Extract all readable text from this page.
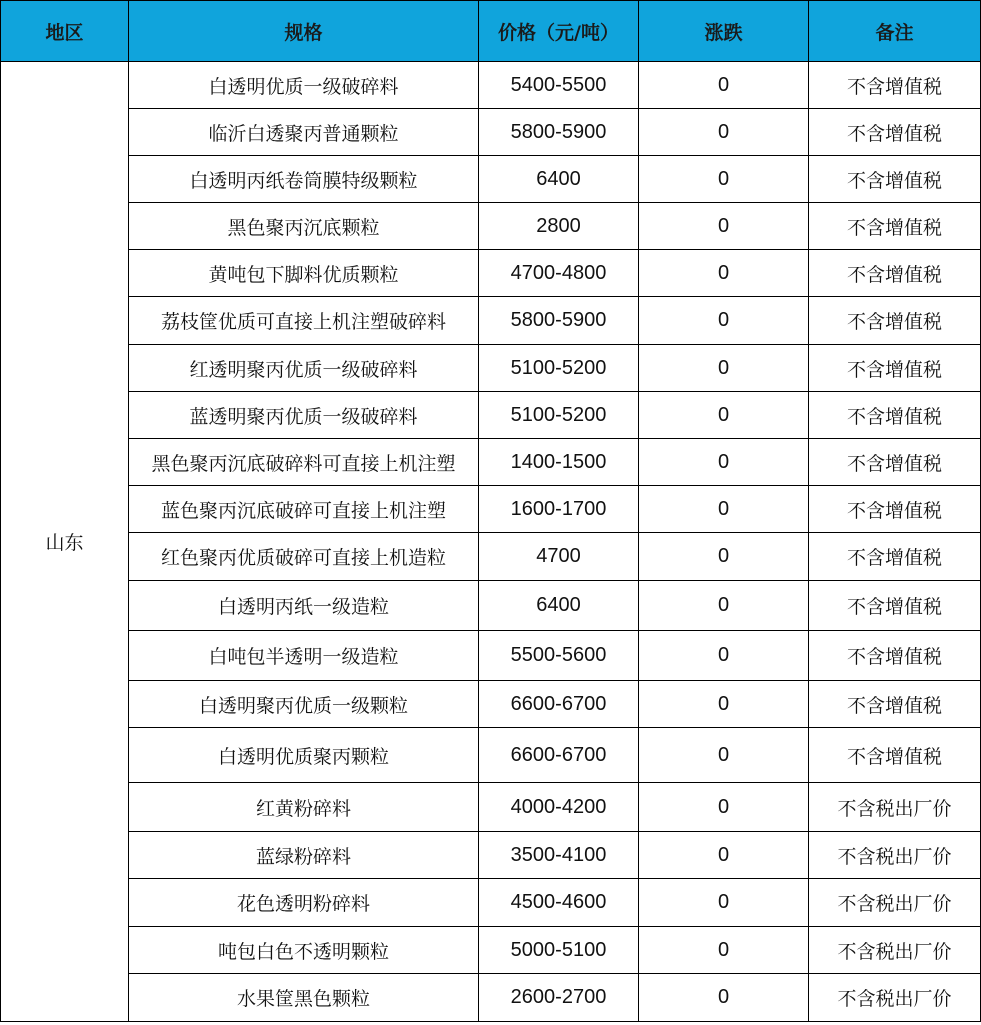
地区	规格	价格（元/吨）	涨跌	备注
山东	白透明优质一级破碎料	5400-5500	0	不含增值税
	临沂白透聚丙普通颗粒	5800-5900	0	不含增值税
	白透明丙纸卷筒膜特级颗粒	6400	0	不含增值税
	黑色聚丙沉底颗粒	2800	0	不含增值税
	黄吨包下脚料优质颗粒	4700-4800	0	不含增值税
	荔枝筐优质可直接上机注塑破碎料	5800-5900	0	不含增值税
	红透明聚丙优质一级破碎料	5100-5200	0	不含增值税
	蓝透明聚丙优质一级破碎料	5100-5200	0	不含增值税
	黑色聚丙沉底破碎料可直接上机注塑	1400-1500	0	不含增值税
	蓝色聚丙沉底破碎可直接上机注塑	1600-1700	0	不含增值税
	红色聚丙优质破碎可直接上机造粒	4700	0	不含增值税
	白透明丙纸一级造粒	6400	0	不含增值税
	白吨包半透明一级造粒	5500-5600	0	不含增值税
	白透明聚丙优质一级颗粒	6600-6700	0	不含增值税
	白透明优质聚丙颗粒	6600-6700	0	不含增值税
	红黄粉碎料	4000-4200	0	不含税出厂价
	蓝绿粉碎料	3500-4100	0	不含税出厂价
	花色透明粉碎料	4500-4600	0	不含税出厂价
	吨包白色不透明颗粒	5000-5100	0	不含税出厂价
	水果筐黑色颗粒	2600-2700	0	不含税出厂价
